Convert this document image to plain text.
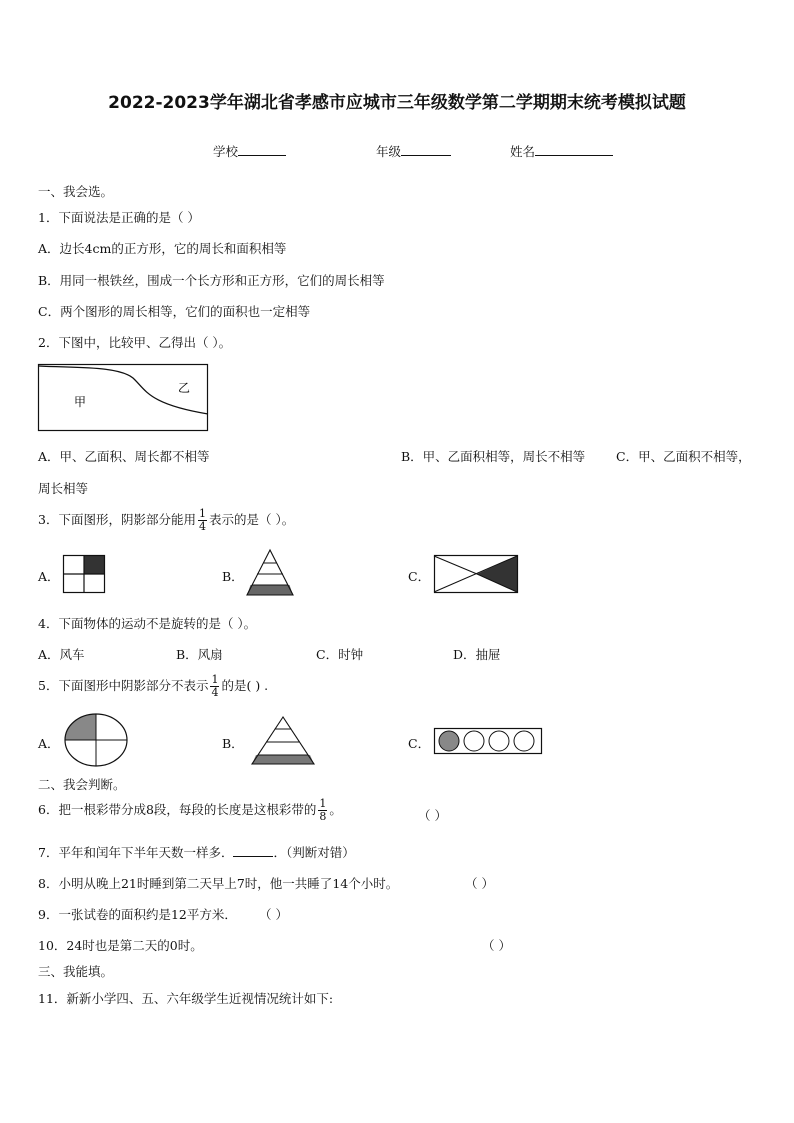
2022-2023学年湖北省孝感市应城市三年级数学第二学期期末统考模拟试题
学校	年级	姓名
一、我会选。
1．下面说法是正确的是（ ）
A．边长4cm的正方形，它的周长和面积相等
B．用同一根铁丝，围成一个长方形和正方形，它们的周长相等
C．两个图形的周长相等，它们的面积也一定相等
2．下图中，比较甲、乙得出（ ）。
甲
乙
A．甲、乙面积、周长都不相等	B．甲、乙面积相等，周长不相等 C．甲、乙面积不相等，
周长相等
3．下面图形，阴影部分能用 $\frac{1}{4}$ 表示的是（ ）。
A．	B．	C．
4．下面物体的运动不是旋转的是（ ）。
A．风车	B．风扇	C．时钟	D．抽屉
5．下面图形中阴影部分不表示 $\frac{1}{4}$ 的是( ) .
A．	B．	C．
二、我会判断。
6．把一根彩带分成8段，每段的长度是这根彩带的 $\frac{1}{8}$ 。	（ ）
7．平年和闰年下半年天数一样多．	．（判断对错）
8．小明从晚上21时睡到第二天早上7时，他一共睡了14个小时。	（ ）
9．一张试卷的面积约是12平方米． （ ）
10．24时也是第二天的0时。	（ ）
三、我能填。
11．新新小学四、五、六年级学生近视情况统计如下:
